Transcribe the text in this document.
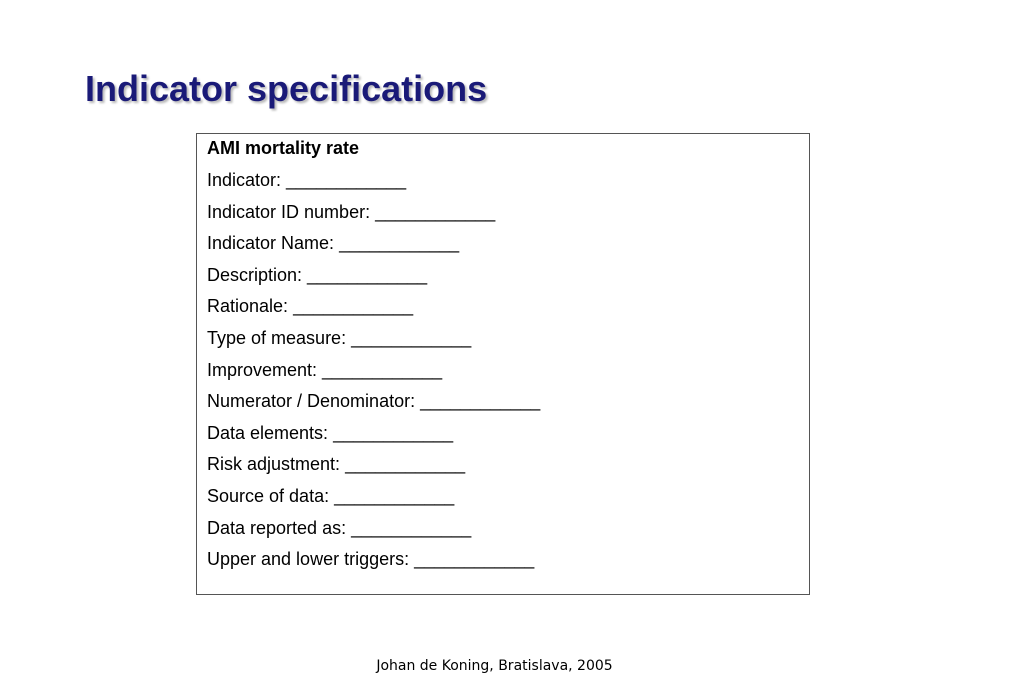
Indicator specifications
AMI mortality rate
Indicator: ____________
Indicator ID number: ____________
Indicator Name: ____________
Description: ____________
Rationale: ____________
Type of measure: ____________
Improvement: ____________
Numerator / Denominator: ____________
Data elements: ____________
Risk adjustment: ____________
Source of data: ____________
Data reported as: ____________
Upper and lower triggers: ____________
Johan de Koning, Bratislava, 2005
